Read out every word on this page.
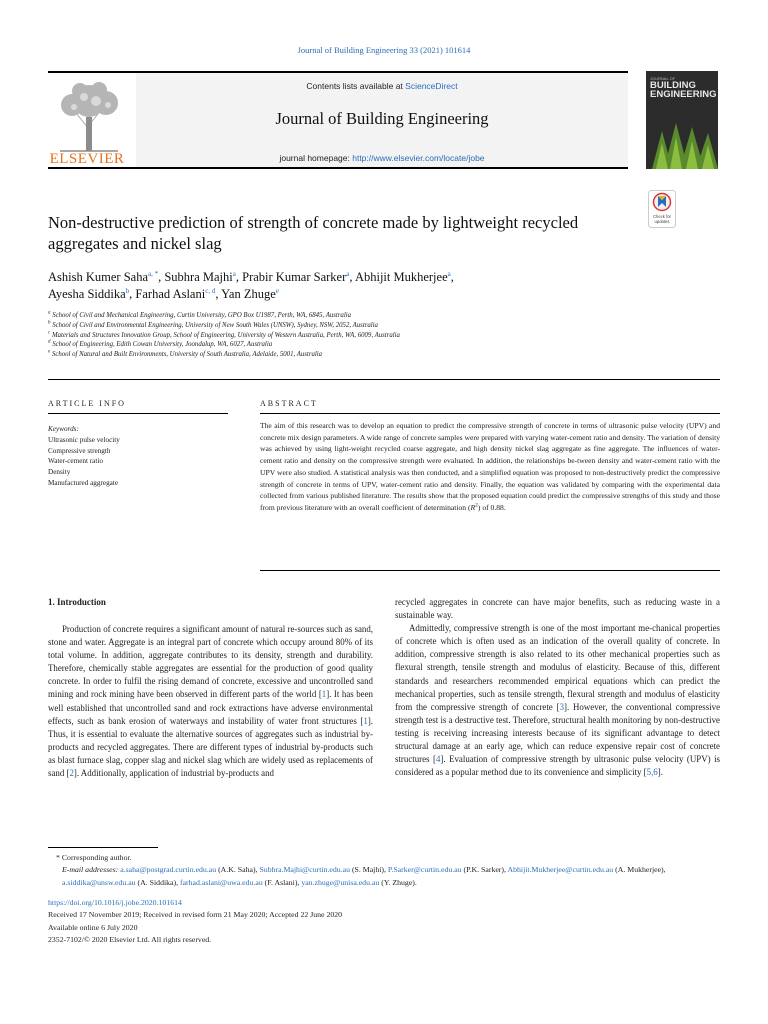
Journal of Building Engineering 33 (2021) 101614
ELSEVIER
Contents lists available at ScienceDirect
Journal of Building Engineering
journal homepage: http://www.elsevier.com/locate/jobe
JOURNAL OF
BUILDING ENGINEERING
Non-destructive prediction of strength of concrete made by lightweight recycled aggregates and nickel slag
Check for
updates
Ashish Kumer Saha$^{a, *}$, Subhra Majhi$^a$, Prabir Kumar Sarker$^a$, Abhijit Mukherjee$^a$,
Ayesha Siddika$^b$, Farhad Aslani$^{c, d}$, Yan Zhuge$^e$
$^a$ School of Civil and Mechanical Engineering, Curtin University, GPO Box U1987, Perth, WA, 6845, Australia
$^b$ School of Civil and Environmental Engineering, University of New South Wales (UNSW), Sydney, NSW, 2052, Australia
$^c$ Materials and Structures Innovation Group, School of Engineering, University of Western Australia, Perth, WA, 6009, Australia
$^d$ School of Engineering, Edith Cowan University, Joondalup, WA, 6027, Australia
$^e$ School of Natural and Built Environments, University of South Australia, Adelaide, 5001, Australia
ARTICLE INFO
Keywords:
Ultrasonic pulse velocity
Compressive strength
Water-cement ratio
Density
Manufactured aggregate
ABSTRACT
The aim of this research was to develop an equation to predict the compressive strength of concrete in terms of ultrasonic pulse velocity (UPV) and concrete mix design parameters. A wide range of concrete samples were prepared with varying water-cement ratio and density. The variation of density was achieved by using light-weight recycled coarse aggregate, and high density nickel slag aggregate as fine aggregate. The influences of water-cement ratio and density on the compressive strength were evaluated. In addition, the relationships be-tween density and water-cement ratio with the UPV were also studied. A statistical analysis was then conducted, and a simplified equation was proposed to non-destructively predict the compressive strength of concrete in terms of UPV, water-cement ratio and density. Finally, the equation was validated by comparing with the experimental data collected from various published literature. The results show that the proposed equation could predict the compressive strengths of this study and those from previous literature with an overall coefficient of determination $(R^2)$ of 0.88.
1. Introduction
Production of concrete requires a significant amount of natural re-sources such as sand, stone and water. Aggregate is an integral part of concrete which occupy around 80% of its total volume. In addition, aggregate contributes to its density, strength and durability. Therefore, chemically stable aggregates are essential for the production of good quality concrete. In order to fulfil the rising demand of concrete, excessive and uncontrolled sand mining and rock mining have been observed in different parts of the world [1]. It has been well established that uncontrolled sand and rock extractions have adverse environmental effects, such as bank erosion of waterways and instability of water front structures [1]. Thus, it is essential to evaluate the alternative sources of aggregates such as industrial by-products and recycled aggregates. There are different types of industrial by-products such as blast furnace slag, copper slag and nickel slag which are widely used as replacements of sand [2]. Additionally, application of industrial by-products and

recycled aggregates in concrete can have major benefits, such as reducing waste in a sustainable way.

Admittedly, compressive strength is one of the most important me-chanical properties of concrete which is often used as an indication of the overall quality of concrete. In addition, compressive strength is also related to its other mechanical properties such as flexural strength, tensile strength and modulus of elasticity. Because of this, different standards and researchers recommended empirical equations which can predict the mechanical properties, such as tensile strength, flexural strength and modulus of elasticity from the compressive strength of concrete [3]. However, the conventional compressive strength test is a destructive test. Therefore, structural health monitoring by non-destructive testing is receiving increasing interests because of its significant advantage to detect structural damage at an early age, which can reduce expensive repair cost of concrete structures [4]. Evaluation of compressive strength by ultrasonic pulse velocity (UPV) is considered as a popular method due to its convenience and simplicity [5,6].

* Corresponding author.
E-mail addresses: a.saha@postgrad.curtin.edu.au (A.K. Saha), Subhra.Majhi@curtin.edu.au (S. Majhi), P.Sarker@curtin.edu.au (P.K. Sarker), Abhijit.Mukherjee@curtin.edu.au (A. Mukherjee), a.siddika@unsw.edu.au (A. Siddika), farhad.aslani@uwa.edu.au (F. Aslani), yan.zhuge@unisa.edu.au (Y. Zhuge).
https://doi.org/10.1016/j.jobe.2020.101614
Received 17 November 2019; Received in revised form 21 May 2020; Accepted 22 June 2020
Available online 6 July 2020
2352-7102/© 2020 Elsevier Ltd. All rights reserved.
